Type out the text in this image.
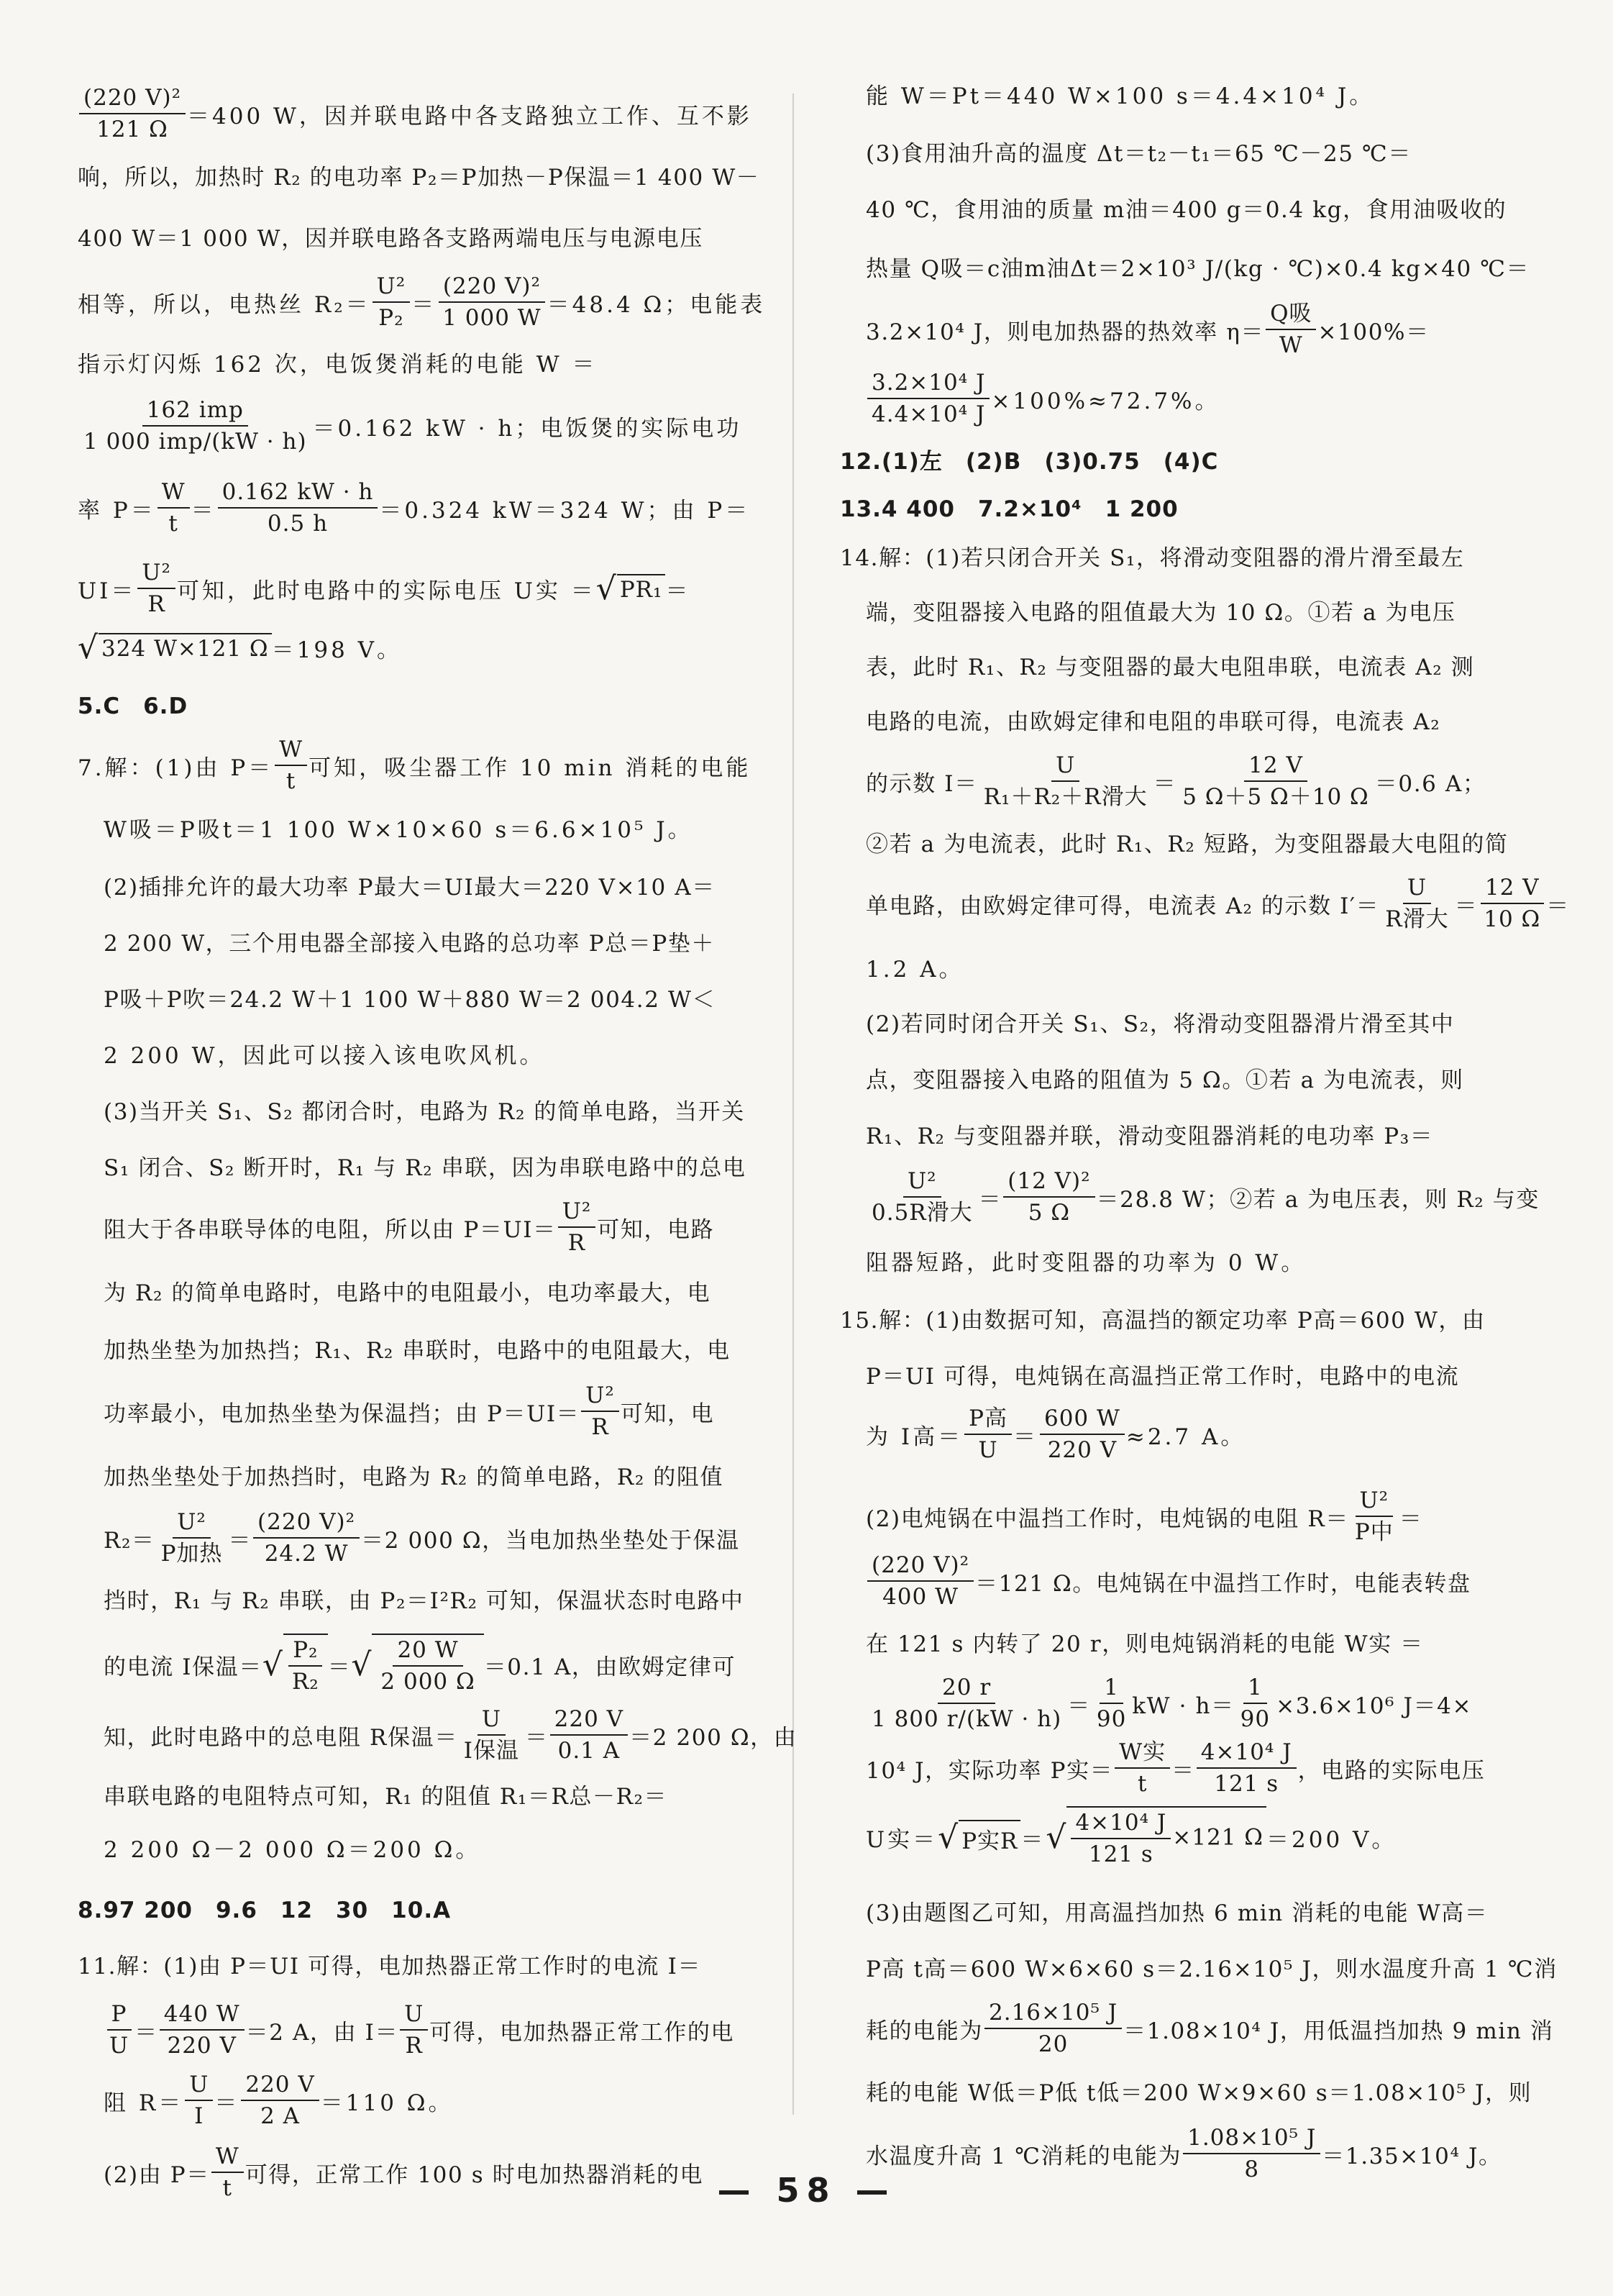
$\frac{\text{(220 V)²}}{121 \Omega} =400$ W，因并联电路中各支路独立工作、互不影
响，所以，加热时 R₂ 的电功率 P₂＝P加热－P保温＝1 400 W－
400 W＝1 000 W，因并联电路各支路两端电压与电源电压
相等，所以，电热丝 $R_2= \frac{\text{U²}}{\text{P₂}} = \frac{\text{(220 V)²}}{1 000 W} =48.4$ Ω；电能表
指示灯闪烁 162 次，电饭煲消耗的电能 W ＝
$\frac{\text{162 imp}}{\text{1 000 imp/(kW · h)}} =0.162$ kW · h；电饭煲的实际电功
率 $P= \frac{W}{t} = \frac{0.162 kW \cdot h}{0.5 h} =0.324$ kW＝324 W；由 P＝
$UI= \frac{\text{U²}}{R}$ 可知，此时电路中的实际电压 U实 ＝ √ PR₁ ＝
√ 324 W×121 Ω ＝198 V。
5.C　6.D
7.解：(1)由 $P= \frac{W}{t}$ 可知，吸尘器工作 10 min 消耗的电能
W吸＝P吸t＝1 100 W×10×60 s＝6.6×10⁵ J。
(2)插排允许的最大功率 P最大＝UI最大＝220 V×10 A＝
2 200 W，三个用电器全部接入电路的总功率 P总＝P垫＋
P吸＋P吹＝24.2 W＋1 100 W＋880 W＝2 004.2 W＜
2 200 W，因此可以接入该电吹风机。
(3)当开关 S₁、S₂ 都闭合时，电路为 R₂ 的简单电路，当开关
S₁ 闭合、S₂ 断开时，R₁ 与 R₂ 串联，因为串联电路中的总电
阻大于各串联导体的电阻，所以由 $P=UI= \frac{\text{U²}}{R}$ 可知，电路
为 R₂ 的简单电路时，电路中的电阻最小，电功率最大，电
加热坐垫为加热挡；R₁、R₂ 串联时，电路中的电阻最大，电
功率最小，电加热坐垫为保温挡；由 $P=UI= \frac{\text{U²}}{R}$ 可知，电
加热坐垫处于加热挡时，电路为 R₂ 的简单电路，R₂ 的阻值
$R_2= \frac{\text{U²}}{\text{P加热}} = \frac{\text{(220 V)²}}{24.2 W} =2$ 000 Ω，当电加热坐垫处于保温
挡时，R₁ 与 R₂ 串联，由 P₂＝I²R₂ 可知，保温状态时电路中
的电流 I保温＝ √ $\frac{\text{P₂}}{\text{R₂}}$ ＝ √ $\frac{20 W}{2 000 \Omega} =0.1$ A，由欧姆定律可
知，此时电路中的总电阻 R保温＝ $\frac{U}{\text{I保温}} = \frac{220 V}{0.1 A} =2$ 200 Ω，由
串联电路的电阻特点可知，R₁ 的阻值 R₁＝R总－R₂＝
2 200 Ω－2 000 Ω＝200 Ω。
8.97 200　9.6　12　30　10.A
11.解：(1)由 P＝UI 可得，电加热器正常工作时的电流 I＝
$\frac{P}{U} = \frac{440 W}{220 V} =2$ A，由 $I= \frac{U}{R}$ 可得，电加热器正常工作的电
阻 $R= \frac{U}{I} = \frac{220 V}{2 A} =110$ Ω。
(2)由 $P= \frac{W}{t}$ 可得，正常工作 100 s 时电加热器消耗的电
能 W＝Pt＝440 W×100 s＝4.4×10⁴ J。
(3)食用油升高的温度 Δt＝t₂－t₁＝65 ℃－25 ℃＝
40 ℃，食用油的质量 m油＝400 g＝0.4 kg，食用油吸收的
热量 Q吸＝c油m油Δt＝2×10³ J/(kg · ℃)×0.4 kg×40 ℃＝
3.2×10⁴ J，则电加热器的热效率 $\eta= \frac{\text{Q吸}}{W} \times 100\%=$
$\frac{\text{3.2×10⁴ J}}{\text{4.4×10⁴ J}} \times 100\%\approx 72.7\%$。
12.(1)左　(2)B　(3)0.75　(4)C
13.4 400　7.2×10⁴　1 200
14.解：(1)若只闭合开关 S₁，将滑动变阻器的滑片滑至最左
端，变阻器接入电路的阻值最大为 10 Ω。①若 a 为电压
表，此时 R₁、R₂ 与变阻器的最大电阻串联，电流表 A₂ 测
电路的电流，由欧姆定律和电阻的串联可得，电流表 A₂
的示数 $I= \frac{U}{\text{R₁＋R₂＋R滑大}} = \frac{12 V}{5 \Omega+5 \Omega+10 \Omega} =0.6$ A；
②若 a 为电流表，此时 R₁、R₂ 短路，为变阻器最大电阻的简
单电路，由欧姆定律可得，电流表 A₂ 的示数 $I'= \frac{U}{\text{R滑大}} = \frac{12 V}{10 \Omega}$ ＝
1.2 A。
(2)若同时闭合开关 S₁、S₂，将滑动变阻器滑片滑至其中
点，变阻器接入电路的阻值为 5 Ω。①若 a 为电流表，则
R₁、R₂ 与变阻器并联，滑动变阻器消耗的电功率 P₃＝
$\frac{\text{U²}}{\text{0.5R滑大}} = \frac{\text{(12 V)²}}{5 \Omega} =28.8$ W；②若 a 为电压表，则 R₂ 与变
阻器短路，此时变阻器的功率为 0 W。
15.解：(1)由数据可知，高温挡的额定功率 P高＝600 W，由
P＝UI 可得，电炖锅在高温挡正常工作时，电路中的电流
为 I高＝ $\frac{\text{P高}}{U} = \frac{600 W}{220 V} \approx 2.7$ A。
(2)电炖锅在中温挡工作时，电炖锅的电阻 $R= \frac{\text{U²}}{\text{P中}}$ ＝
$\frac{\text{(220 V)²}}{400 W} =121$ Ω。电炖锅在中温挡工作时，电能表转盘
在 121 s 内转了 20 r，则电炖锅消耗的电能 W实 ＝
$\frac{20 r}{1 800 r/(kW \cdot h)} = \frac{1}{90}$ kW · $h= \frac{1}{90} \times 3.6\times 10^6$ J＝4×
10⁴ J，实际功率 P实＝ $\frac{\text{W实}}{t} = \frac{\text{4×10⁴ J}}{121 s}$ ，电路的实际电压
U实＝ √ P实R ＝ √ $\frac{\text{4×10⁴ J}}{121 s} \times 121$ Ω ＝200 V。
(3)由题图乙可知，用高温挡加热 6 min 消耗的电能 W高＝
P高 t高＝600 W×6×60 s＝2.16×10⁵ J，则水温度升高 1 ℃消
耗的电能为 $\frac{\text{2.16×10⁵ J}}{20} =1.08\times 10^4$ J，用低温挡加热 9 min 消
耗的电能 W低＝P低 t低＝200 W×9×60 s＝1.08×10⁵ J，则
水温度升高 1 ℃消耗的电能为 $\frac{\text{1.08×10⁵ J}}{8} =1.35\times 10^4$ J。
— 58 —
